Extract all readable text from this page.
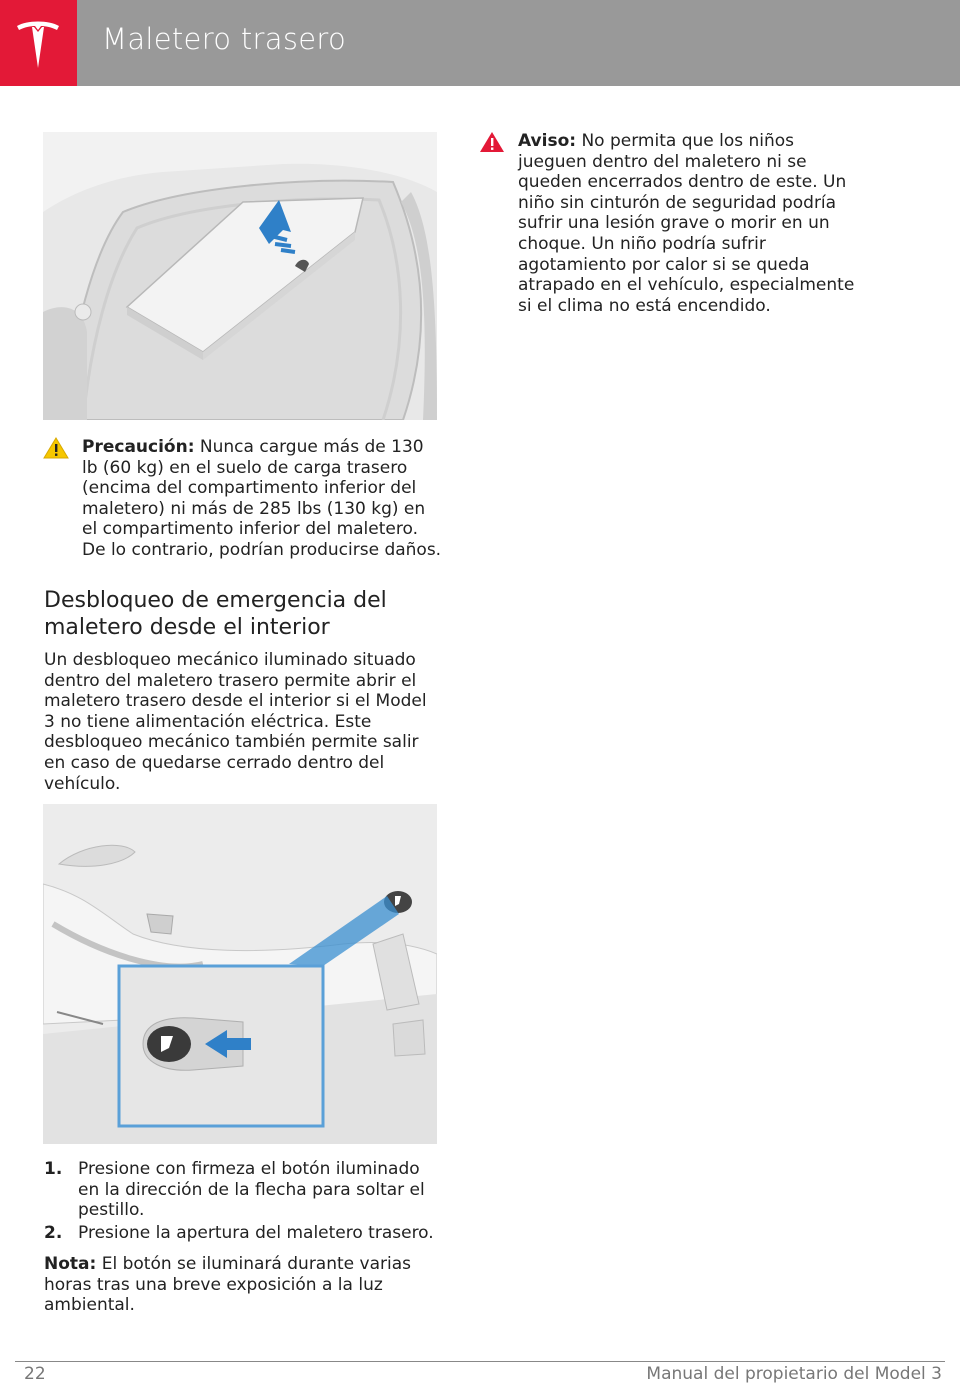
Maletero trasero
Precaución: Nunca cargue más de 130 lb (60 kg) en el suelo de carga trasero (encima del compartimento inferior del maletero) ni más de 285 lbs (130 kg) en el compartimento inferior del maletero. De lo contrario, podrían producirse daños.
Aviso: No permita que los niños jueguen dentro del maletero ni se queden encerrados dentro de este. Un niño sin cinturón de seguridad podría sufrir una lesión grave o morir en un choque. Un niño podría sufrir agotamiento por calor si se queda atrapado en el vehículo, especialmente si el clima no está encendido.
Desbloqueo de emergencia del maletero desde el interior
Un desbloqueo mecánico iluminado situado dentro del maletero trasero permite abrir el maletero trasero desde el interior si el Model 3 no tiene alimentación eléctrica. Este desbloqueo mecánico también permite salir en caso de quedarse cerrado dentro del vehículo.
1. Presione con firmeza el botón iluminado en la dirección de la flecha para soltar el pestillo.
2. Presione la apertura del maletero trasero.
Nota: El botón se iluminará durante varias horas tras una breve exposición a la luz ambiental.
22	Manual del propietario del Model 3
